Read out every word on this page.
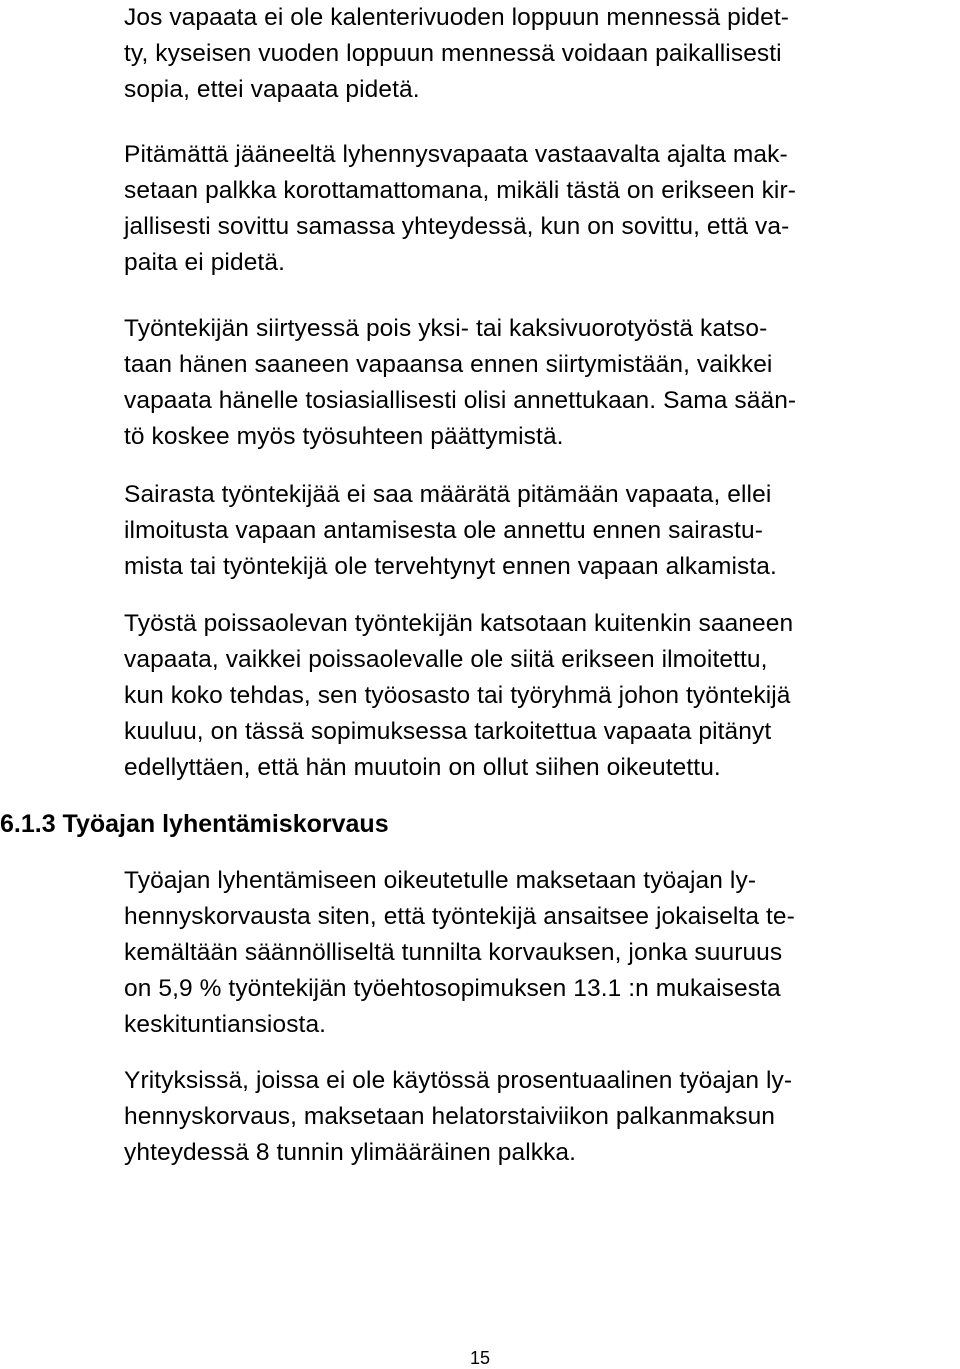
Jos vapaata ei ole kalenterivuoden loppuun mennessä pidet-
ty, kyseisen vuoden loppuun mennessä voidaan paikallisesti
sopia, ettei vapaata pidetä.
Pitämättä jääneeltä lyhennysvapaata vastaavalta ajalta mak-
setaan palkka korottamattomana, mikäli tästä on erikseen kir-
jallisesti sovittu samassa yhteydessä, kun on sovittu, että va-
paita ei pidetä.
Työntekijän siirtyessä pois yksi- tai kaksivuorotyöstä katso-
taan hänen saaneen vapaansa ennen siirtymistään, vaikkei
vapaata hänelle tosiasiallisesti olisi annettukaan. Sama sään-
tö koskee myös työsuhteen päättymistä.
Sairasta työntekijää ei saa määrätä pitämään vapaata, ellei
ilmoitusta vapaan antamisesta ole annettu ennen sairastu-
mista tai työntekijä ole tervehtynyt ennen vapaan alkamista.
Työstä poissaolevan työntekijän katsotaan kuitenkin saaneen
vapaata, vaikkei poissaolevalle ole siitä erikseen ilmoitettu,
kun koko tehdas, sen työosasto tai työryhmä johon työntekijä
kuuluu, on tässä sopimuksessa tarkoitettua vapaata pitänyt
edellyttäen, että hän muutoin on ollut siihen oikeutettu.
6.1.3 Työajan lyhentämiskorvaus
Työajan lyhentämiseen oikeutetulle maksetaan työajan ly-
hennyskorvausta siten, että työntekijä ansaitsee jokaiselta te-
kemältään säännölliseltä tunnilta korvauksen, jonka suuruus
on 5,9 % työntekijän työehtosopimuksen 13.1 :n mukaisesta
keskituntiansiosta.
Yrityksissä, joissa ei ole käytössä prosentuaalinen työajan ly-
hennyskorvaus, maksetaan helatorstaiviikon palkanmaksun
yhteydessä 8 tunnin ylimääräinen palkka.
15
